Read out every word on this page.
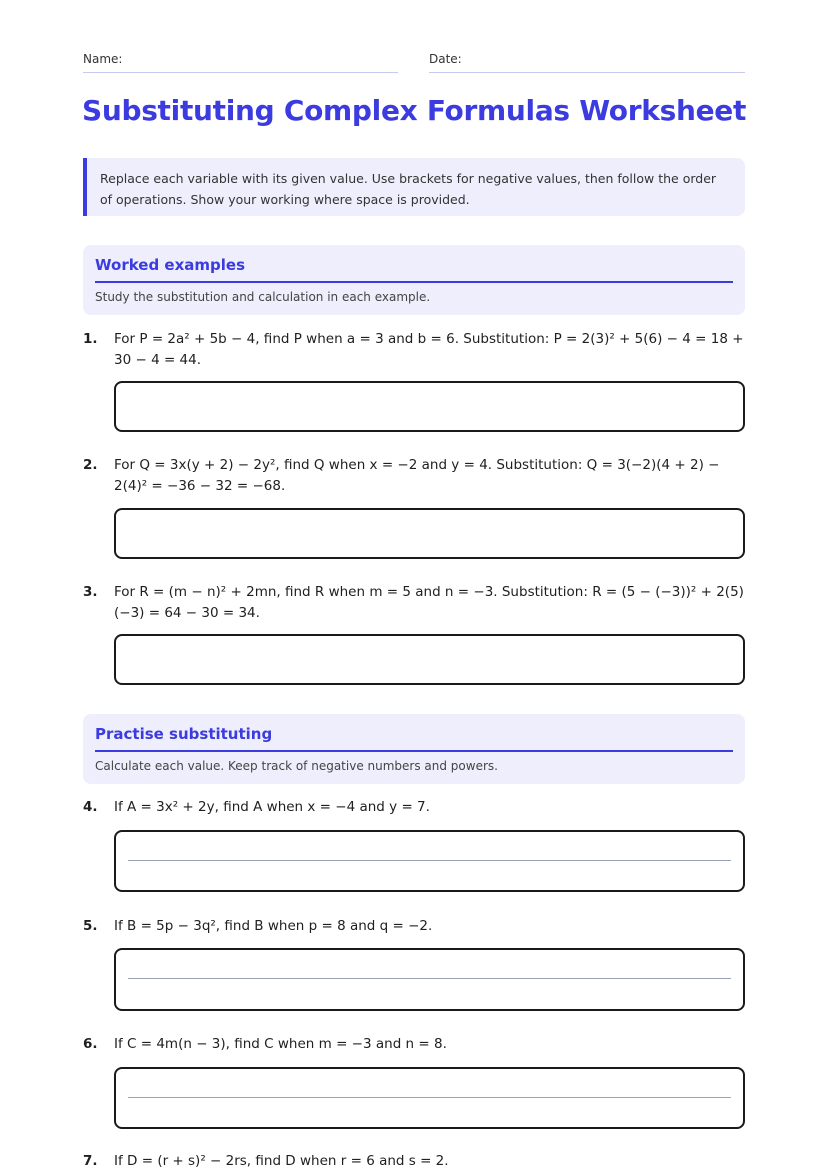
Name:	Date:
Substituting Complex Formulas Worksheet
Replace each variable with its given value. Use brackets for negative values, then follow the order of operations. Show your working where space is provided.
Worked examples
Study the substitution and calculation in each example.
1. For P = 2a² + 5b − 4, find P when a = 3 and b = 6. Substitution: P = 2(3)² + 5(6) − 4 = 18 + 30 − 4 = 44.
2. For Q = 3x(y + 2) − 2y², find Q when x = −2 and y = 4. Substitution: Q = 3(−2)(4 + 2) − 2(4)² = −36 − 32 = −68.
3. For R = (m − n)² + 2mn, find R when m = 5 and n = −3. Substitution: R = (5 − (−3))² + 2(5)(−3) = 64 − 30 = 34.
Practise substituting
Calculate each value. Keep track of negative numbers and powers.
4. If A = 3x² + 2y, find A when x = −4 and y = 7.
5. If B = 5p − 3q², find B when p = 8 and q = −2.
6. If C = 4m(n − 3), find C when m = −3 and n = 8.
7. If D = (r + s)² − 2rs, find D when r = 6 and s = 2.
